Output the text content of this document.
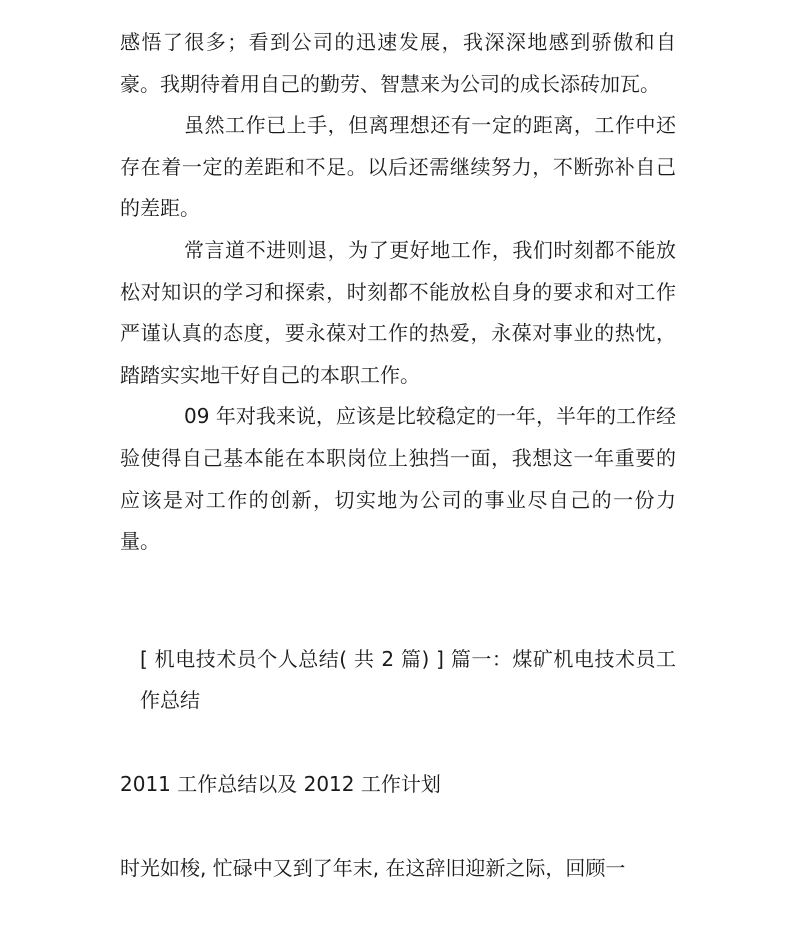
感悟了很多；看到公司的迅速发展，我深深地感到骄傲和自豪。我期待着用自己的勤劳、智慧来为公司的成长添砖加瓦。

虽然工作已上手，但离理想还有一定的距离，工作中还存在着一定的差距和不足。以后还需继续努力，不断弥补自己的差距。

常言道不进则退，为了更好地工作，我们时刻都不能放松对知识的学习和探索，时刻都不能放松自身的要求和对工作严谨认真的态度，要永葆对工作的热爱，永葆对事业的热忱，踏踏实实地干好自己的本职工作。

09 年对我来说，应该是比较稳定的一年，半年的工作经验使得自己基本能在本职岗位上独挡一面，我想这一年重要的应该是对工作的创新，切实地为公司的事业尽自己的一份力量。

[ 机电技术员个人总结( 共 2 篇) ] 篇一：煤矿机电技术员工作总结

2011 工作总结以及 2012 工作计划

时光如梭, 忙碌中又到了年末, 在这辞旧迎新之际，回顾一
